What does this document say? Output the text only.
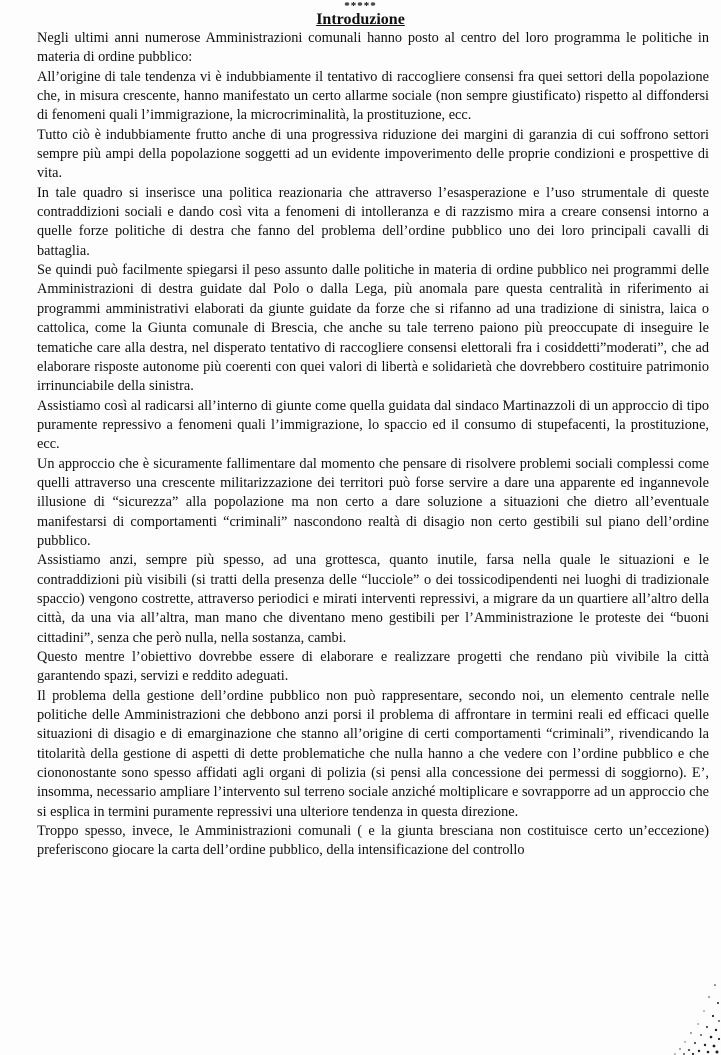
*****
Introduzione

Negli ultimi anni numerose Amministrazioni comunali hanno posto al centro del loro programma le politiche in materia di ordine pubblico:

All’origine di tale tendenza vi è indubbiamente il tentativo di raccogliere consensi fra quei settori della popolazione che, in misura crescente, hanno manifestato un certo allarme sociale (non sempre giustificato) rispetto al diffondersi di fenomeni quali l’immigrazione, la microcriminalità, la prostituzione, ecc.

Tutto ciò è indubbiamente frutto anche di una progressiva riduzione dei margini di garanzia di cui soffrono settori sempre più ampi della popolazione soggetti ad un evidente impoverimento delle proprie condizioni e prospettive di vita.

In tale quadro si inserisce una politica reazionaria che attraverso l’esasperazione e l’uso strumentale di queste contraddizioni sociali e dando così vita a fenomeni di intolleranza e di razzismo mira a creare consensi intorno a quelle forze politiche di destra che fanno del problema dell’ordine pubblico uno dei loro principali cavalli di battaglia.

Se quindi può facilmente spiegarsi il peso assunto dalle politiche in materia di ordine pubblico nei programmi delle Amministrazioni di destra guidate dal Polo o dalla Lega, più anomala pare questa centralità in riferimento ai programmi amministrativi elaborati da giunte guidate da forze che si rifanno ad una tradizione di sinistra, laica o cattolica, come la Giunta comunale di Brescia, che anche su tale terreno paiono più preoccupate di inseguire le tematiche care alla destra, nel disperato tentativo di raccogliere consensi elettorali fra i cosiddetti”moderati”, che ad elaborare risposte autonome più coerenti con quei valori di libertà e solidarietà che dovrebbero costituire patrimonio irrinunciabile della sinistra.

Assistiamo così al radicarsi all’interno di giunte come quella guidata dal sindaco Martinazzoli di un approccio di tipo puramente repressivo a fenomeni quali l’immigrazione, lo spaccio ed il consumo di stupefacenti, la prostituzione, ecc.

Un approccio che è sicuramente fallimentare dal momento che pensare di risolvere problemi sociali complessi come quelli attraverso una crescente militarizzazione dei territori può forse servire a dare una apparente ed ingannevole illusione di “sicurezza” alla popolazione ma non certo a dare soluzione a situazioni che dietro all’eventuale manifestarsi di comportamenti “criminali” nascondono realtà di disagio non certo gestibili sul piano dell’ordine pubblico.

Assistiamo anzi, sempre più spesso, ad una grottesca, quanto inutile, farsa nella quale le situazioni e le contraddizioni più visibili (si tratti della presenza delle “lucciole” o dei tossicodipendenti nei luoghi di tradizionale spaccio) vengono costrette, attraverso periodici e mirati interventi repressivi, a migrare da un quartiere all’altro della città, da una via all’altra, man mano che diventano meno gestibili per l’Amministrazione le proteste dei “buoni cittadini”, senza che però nulla, nella sostanza, cambi.

Questo mentre l’obiettivo dovrebbe essere di elaborare e realizzare progetti che rendano più vivibile la città garantendo spazi, servizi e reddito adeguati.

Il problema della gestione dell’ordine pubblico non può rappresentare, secondo noi, un elemento centrale nelle politiche delle Amministrazioni che debbono anzi porsi il problema di affrontare in termini reali ed efficaci quelle situazioni di disagio e di emarginazione che stanno all’origine di certi comportamenti “criminali”, rivendicando la titolarità della gestione di aspetti di dette problematiche che nulla hanno a che vedere con l’ordine pubblico e che ciononostante sono spesso affidati agli organi di polizia (si pensi alla concessione dei permessi di soggiorno). E’, insomma, necessario ampliare l’intervento sul terreno sociale anziché moltiplicare e sovrapporre ad un approccio che si esplica in termini puramente repressivi una ulteriore tendenza in questa direzione.

Troppo spesso, invece, le Amministrazioni comunali ( e la giunta bresciana non costituisce certo un’eccezione) preferiscono giocare la carta dell’ordine pubblico, della intensificazione del controllo
